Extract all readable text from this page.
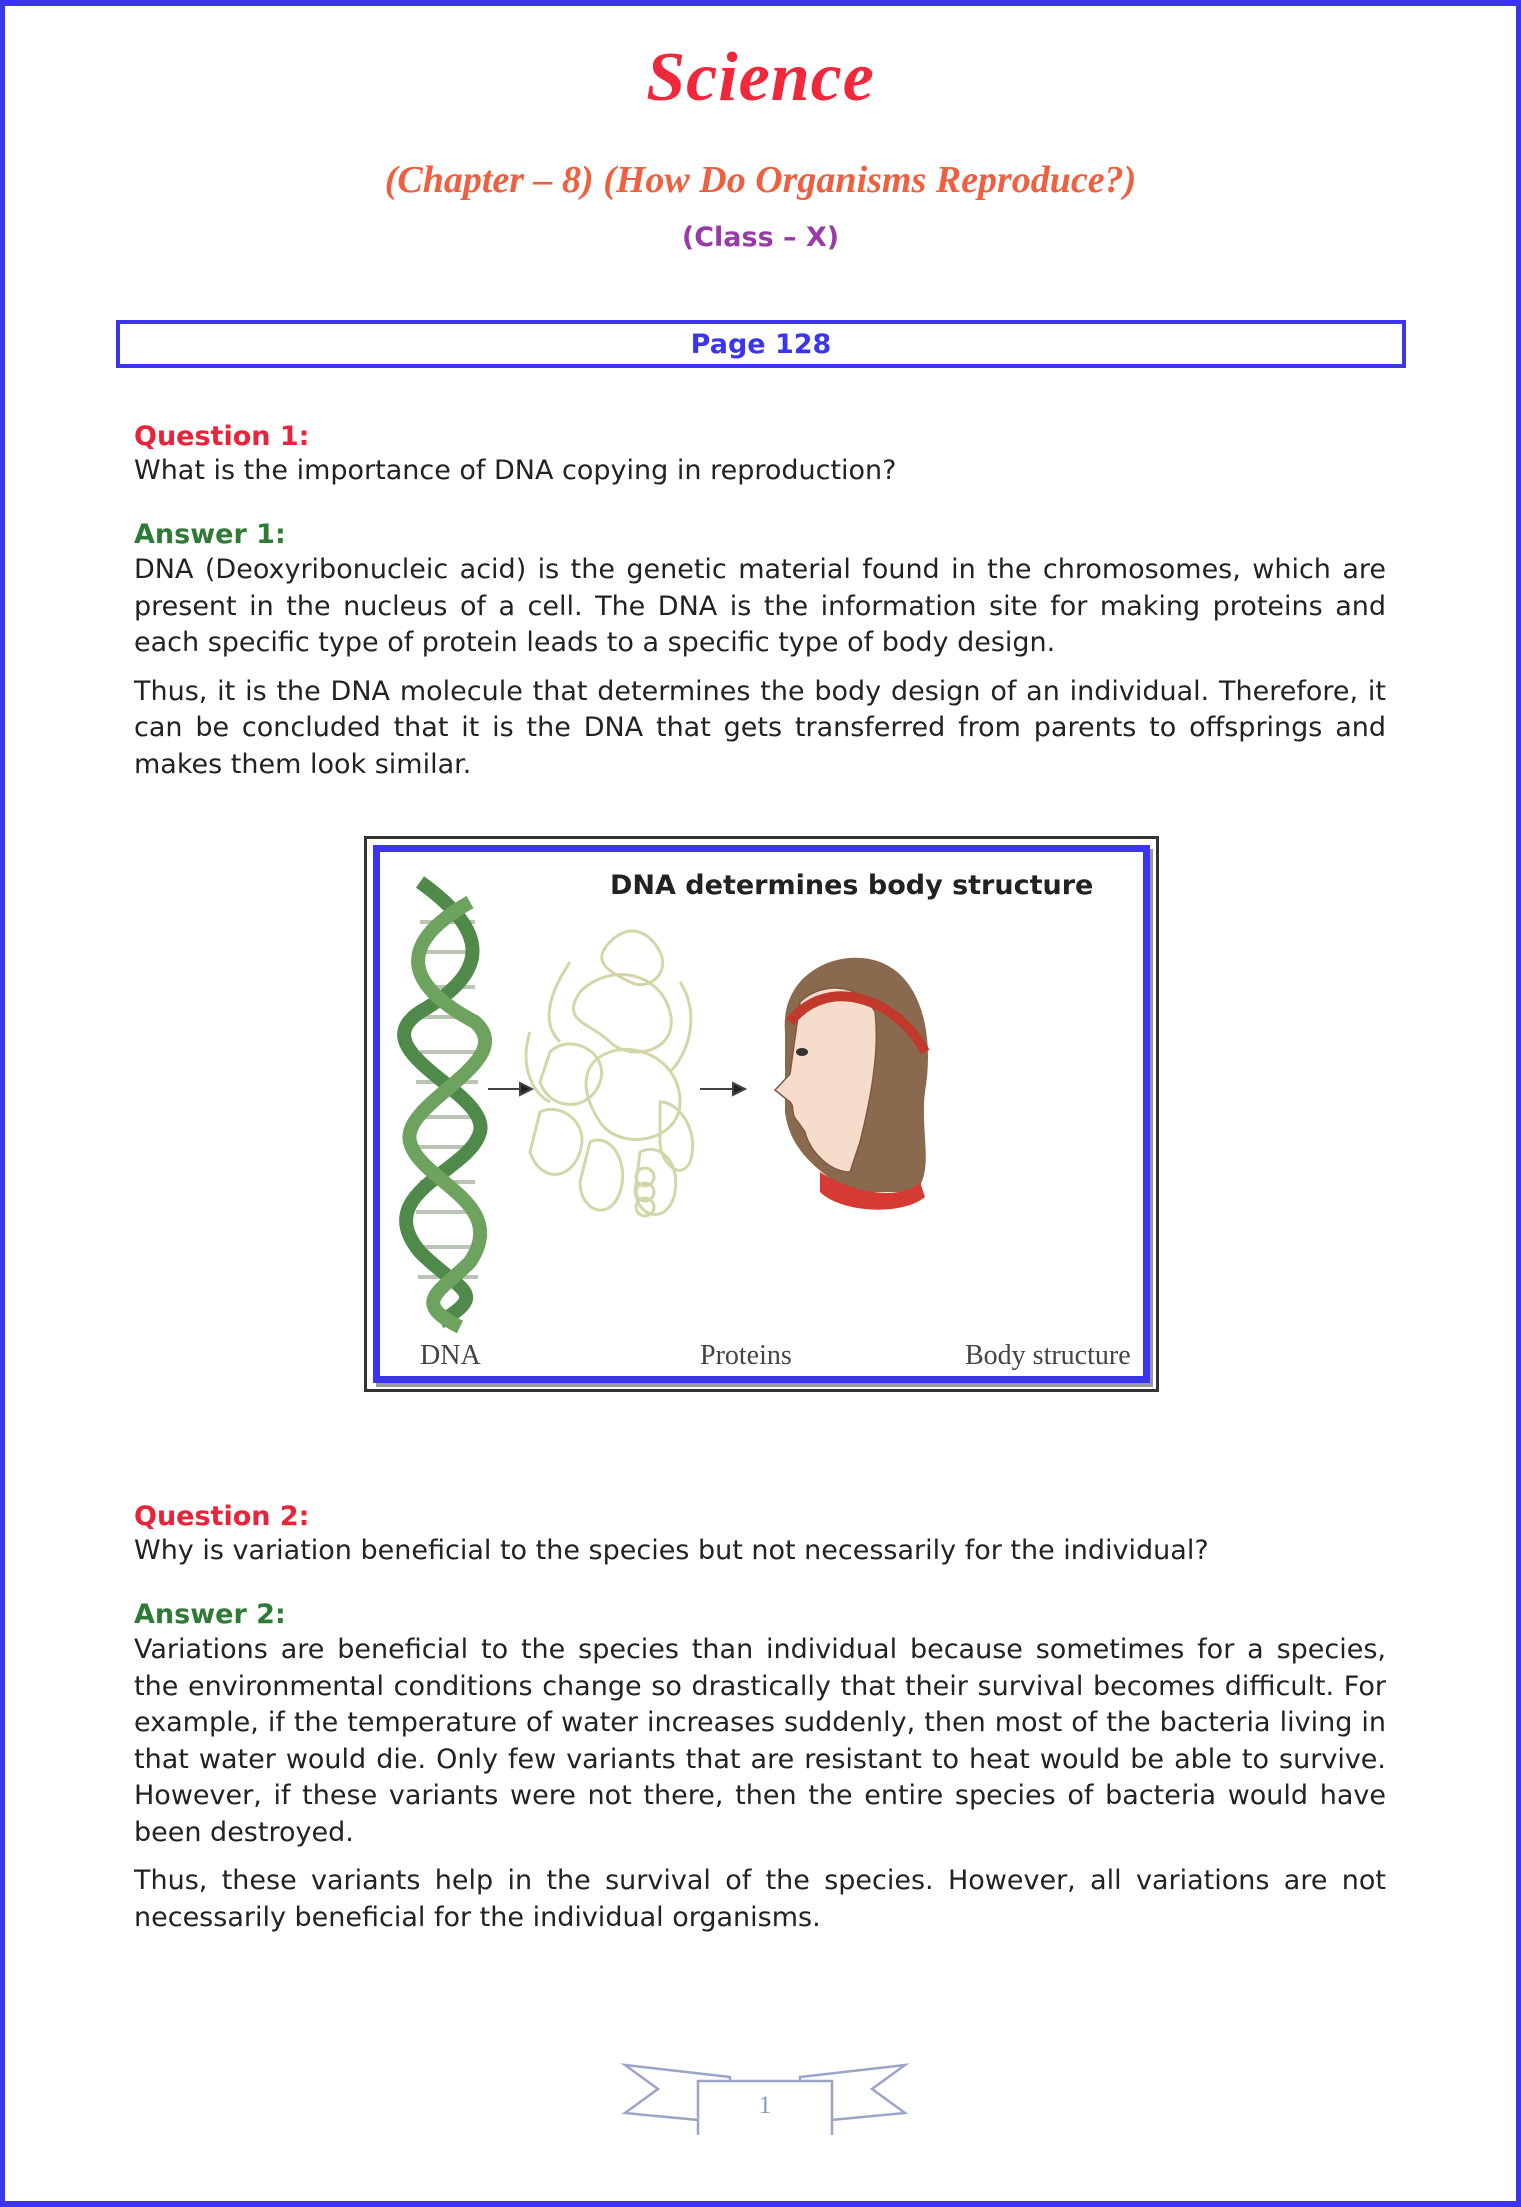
Science
(Chapter – 8) (How Do Organisms Reproduce?)
(Class – X)
Page 128
Question 1:

What is the importance of DNA copying in reproduction?

Answer 1:

DNA (Deoxyribonucleic acid) is the genetic material found in the chromosomes, which are present in the nucleus of a cell. The DNA is the information site for making proteins and each specific type of protein leads to a specific type of body design.

Thus, it is the DNA molecule that determines the body design of an individual. Therefore, it can be concluded that it is the DNA that gets transferred from parents to offsprings and makes them look similar.

DNA determines body structure
DNA	Proteins	Body structure
Question 2:

Why is variation beneficial to the species but not necessarily for the individual?

Answer 2:

Variations are beneficial to the species than individual because sometimes for a species, the environmental conditions change so drastically that their survival becomes difficult. For example, if the temperature of water increases suddenly, then most of the bacteria living in that water would die. Only few variants that are resistant to heat would be able to survive. However, if these variants were not there, then the entire species of bacteria would have been destroyed.

Thus, these variants help in the survival of the species. However, all variations are not necessarily beneficial for the individual organisms.

1
